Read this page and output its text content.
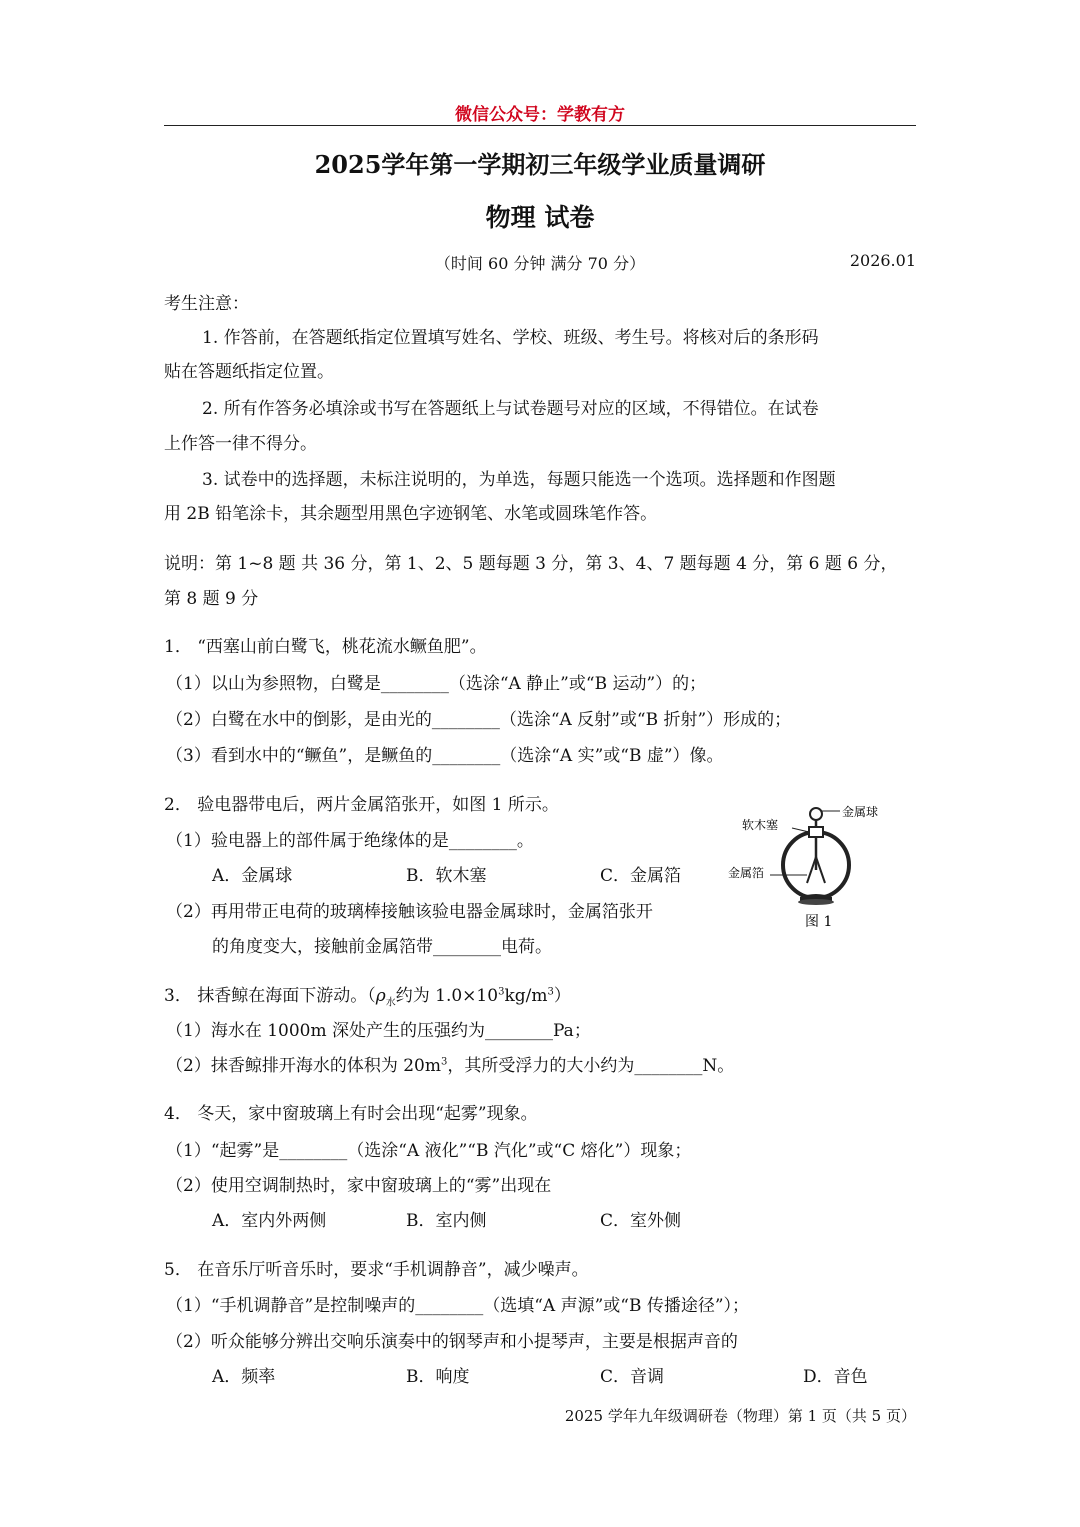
微信公众号：学教有方
2025学年第一学期初三年级学业质量调研
物理 试卷
（时间 60 分钟 满分 70 分）	2026.01
考生注意：
1. 作答前，在答题纸指定位置填写姓名、学校、班级、考生号。将核对后的条形码
贴在答题纸指定位置。
2. 所有作答务必填涂或书写在答题纸上与试卷题号对应的区域，不得错位。在试卷
上作答一律不得分。
3. 试卷中的选择题，未标注说明的，为单选，每题只能选一个选项。选择题和作图题
用 2B 铅笔涂卡，其余题型用黑色字迹钢笔、水笔或圆珠笔作答。
说明：第 1~8 题 共 36 分，第 1、2、5 题每题 3 分，第 3、4、7 题每题 4 分，第 6 题 6 分，
第 8 题 9 分
1． “西塞山前白鹭飞，桃花流水鳜鱼肥”。
（1）以山为参照物，白鹭是________（选涂“A 静止”或“B 运动”）的；
（2）白鹭在水中的倒影，是由光的________（选涂“A 反射”或“B 折射”）形成的；
（3）看到水中的“鳜鱼”，是鳜鱼的________（选涂“A 实”或“B 虚”）像。
2． 验电器带电后，两片金属箔张开，如图 1 所示。
（1）验电器上的部件属于绝缘体的是________。
A．金属球	B．软木塞	C．金属箔
（2）再用带正电荷的玻璃棒接触该验电器金属球时，金属箔张开
的角度变大，接触前金属箔带________电荷。
金属球
软木塞
金属箔
图 1
3． 抹香鲸在海面下游动。（$\rho_水$约为 $1.0\times 10^3kg/m^3$）
（1）海水在 1000m 深处产生的压强约为________Pa；
（2）抹香鲸排开海水的体积为 $20m^3$，其所受浮力的大小约为________N。
4． 冬天，家中窗玻璃上有时会出现“起雾”现象。
（1）“起雾”是________（选涂“A 液化”“B 汽化”或“C 熔化”）现象；
（2）使用空调制热时，家中窗玻璃上的“雾”出现在
A．室内外两侧	B．室内侧	C．室外侧
5． 在音乐厅听音乐时，要求“手机调静音”，减少噪声。
（1）“手机调静音”是控制噪声的________（选填“A 声源”或“B 传播途径”）；
（2）听众能够分辨出交响乐演奏中的钢琴声和小提琴声，主要是根据声音的
A．频率	B．响度	C．音调	D．音色
2025 学年九年级调研卷（物理）第 1 页（共 5 页）
